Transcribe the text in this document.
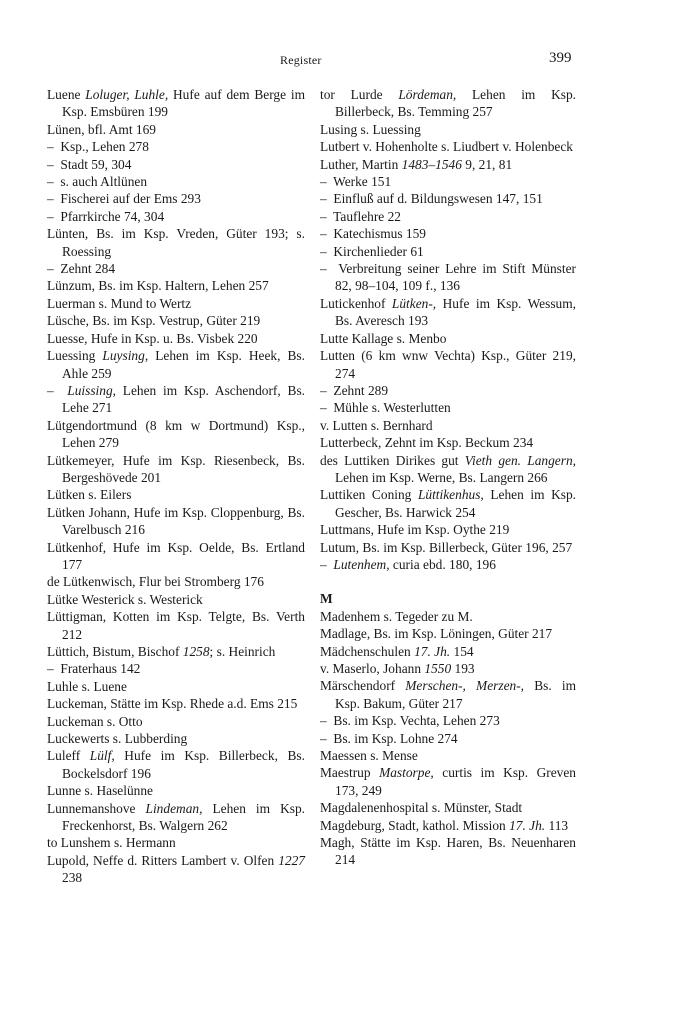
Register	399

Luene Loluger, Luhle, Hufe auf dem Berge im Ksp. Emsbüren 199

Lünen, bfl. Amt 169

–  Ksp., Lehen 278

–  Stadt 59, 304

–  s. auch Altlünen

–  Fischerei auf der Ems 293

–  Pfarrkirche 74, 304

Lünten, Bs. im Ksp. Vreden, Güter 193; s. Roessing

–  Zehnt 284

Lünzum, Bs. im Ksp. Haltern, Lehen 257

Luerman s. Mund to Wertz

Lüsche, Bs. im Ksp. Vestrup, Güter 219

Luesse, Hufe in Ksp. u. Bs. Visbek 220

Luessing Luysing, Lehen im Ksp. Heek, Bs. Ahle 259

–  Luissing, Lehen im Ksp. Aschendorf, Bs. Lehe 271

Lütgendortmund (8 km w Dortmund) Ksp., Lehen 279

Lütkemeyer, Hufe im Ksp. Riesenbeck, Bs. Bergeshövede 201

Lütken s. Eilers

Lütken Johann, Hufe im Ksp. Cloppenburg, Bs. Varelbusch 216

Lütkenhof, Hufe im Ksp. Oelde, Bs. Ertland 177

de Lütkenwisch, Flur bei Stromberg 176

Lütke Westerick s. Westerick

Lüttigman, Kotten im Ksp. Telgte, Bs. Verth 212

Lüttich, Bistum, Bischof 1258; s. Heinrich

–  Fraterhaus 142

Luhle s. Luene

Luckeman, Stätte im Ksp. Rhede a.d. Ems 215

Luckeman s. Otto

Luckewerts s. Lubberding

Luleff Lülf, Hufe im Ksp. Billerbeck, Bs. Bockelsdorf 196

Lunne s. Haselünne

Lunnemanshove Lindeman, Lehen im Ksp. Freckenhorst, Bs. Walgern 262

to Lunshem s. Hermann

Lupold, Neffe d. Ritters Lambert v. Olfen 1227 238

tor Lurde Lördeman, Lehen im Ksp. Billerbeck, Bs. Temming 257

Lusing s. Luessing

Lutbert v. Hohenholte s. Liudbert v. Holenbeck

Luther, Martin 1483–1546 9, 21, 81

–  Werke 151

–  Einfluß auf d. Bildungswesen 147, 151

–  Tauflehre 22

–  Katechismus 159

–  Kirchenlieder 61

–  Verbreitung seiner Lehre im Stift Münster 82, 98–104, 109 f., 136

Lutickenhof Lütken-, Hufe im Ksp. Wessum, Bs. Averesch 193

Lutte Kallage s. Menbo

Lutten (6 km wnw Vechta) Ksp., Güter 219, 274

–  Zehnt 289

–  Mühle s. Westerlutten

v. Lutten s. Bernhard

Lutterbeck, Zehnt im Ksp. Beckum 234

des Luttiken Dirikes gut Vieth gen. Langern, Lehen im Ksp. Werne, Bs. Langern 266

Luttiken Coning Lüttikenhus, Lehen im Ksp. Gescher, Bs. Harwick 254

Luttmans, Hufe im Ksp. Oythe 219

Lutum, Bs. im Ksp. Billerbeck, Güter 196, 257

–  Lutenhem, curia ebd. 180, 196

M

Madenhem s. Tegeder zu M.

Madlage, Bs. im Ksp. Löningen, Güter 217

Mädchenschulen 17. Jh. 154

v. Maserlo, Johann 1550 193

Märschendorf Merschen-, Merzen-, Bs. im Ksp. Bakum, Güter 217

–  Bs. im Ksp. Vechta, Lehen 273

–  Bs. im Ksp. Lohne 274

Maessen s. Mense

Maestrup Mastorpe, curtis im Ksp. Greven 173, 249

Magdalenenhospital s. Münster, Stadt

Magdeburg, Stadt, kathol. Mission 17. Jh. 113

Magh, Stätte im Ksp. Haren, Bs. Neuenharen 214
